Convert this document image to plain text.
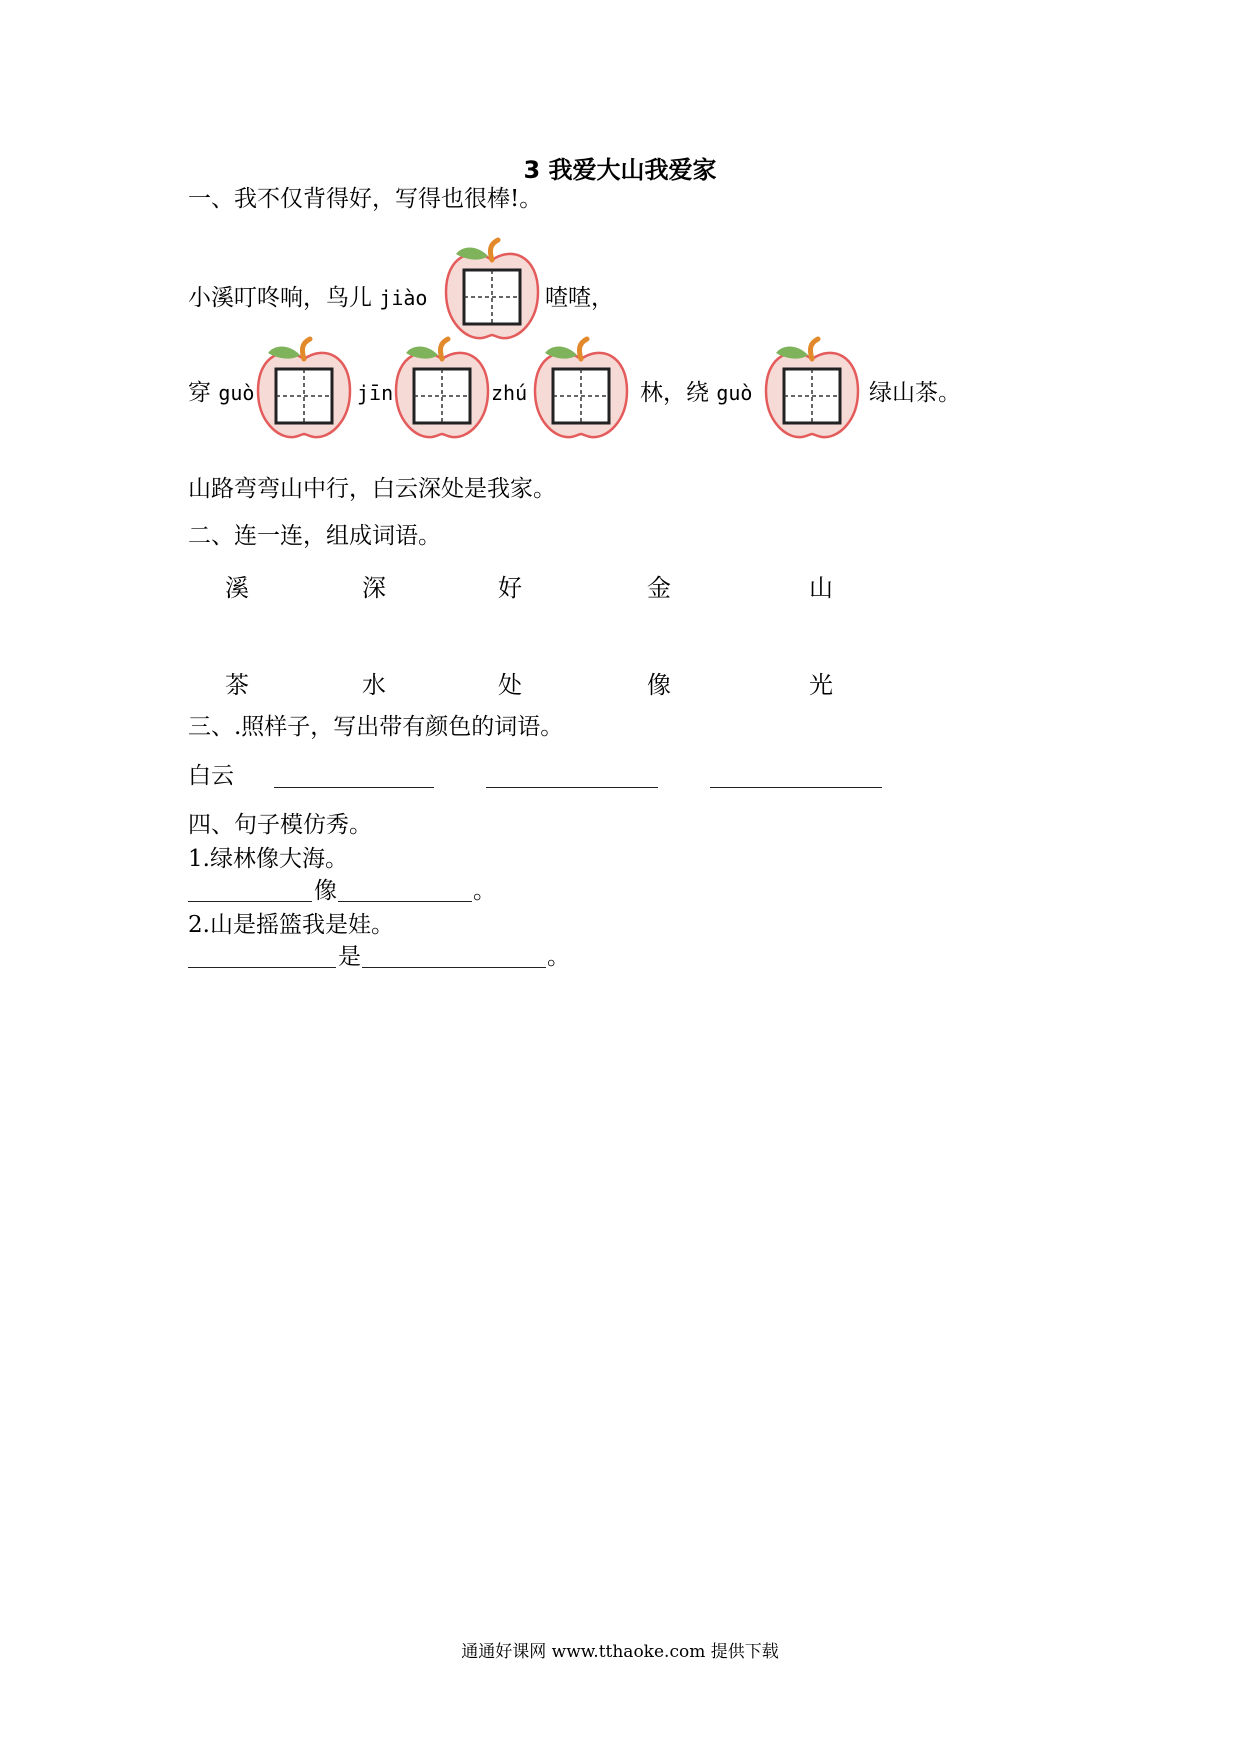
3 我爱大山我爱家
一、我不仅背得好，写得也很棒!。
小溪叮咚响，鸟儿 jiào	喳喳，
穿 guò	jīn	zhú	林，绕 guò	绿山茶。
山路弯弯山中行，白云深处是我家。
二、连一连，组成词语。
溪	深	好	金	山
茶	水	处	像	光
三、.照样子，写出带有颜色的词语。
白云
四、句子模仿秀。
1.绿林像大海。
像	。
2.山是摇篮我是娃。
是	。
通通好课网 www.tthaoke.com 提供下载
